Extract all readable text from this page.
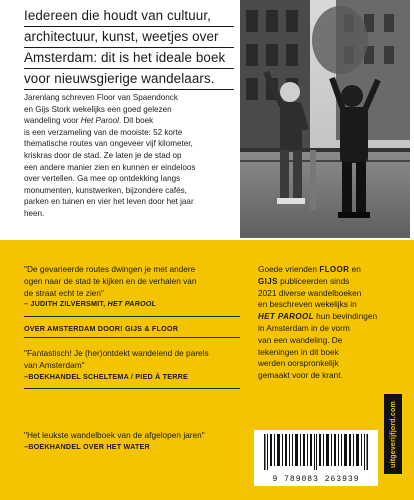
Iedereen die houdt van cultuur,
architectuur, kunst, weetjes over
Amsterdam: dit is het ideale boek
voor nieuwsgierige wandelaars.
Jarenlang schreven Floor van Spaendonck
en Gijs Stork wekelijks een goed gelezen
wandeling voor Het Parool. Dit boek
is een verzameling van de mooiste: 52 korte
thematische routes van ongeveer vijf kilometer,
kriskras door de stad. Ze laten je de stad op
een andere manier zien en kunnen er eindeloos
over vertellen. Ga mee op ontdekking langs
monumenten, kunstwerken, bijzondere cafés,
parken en tuinen en vier het leven door het jaar
heen.
"De gevarieerde routes dwingen je met andere
ogen naar de stad te kijken en de verhalen van
de straat echt te zien"
– JUDITH ZILVERSMIT, HET PAROOL
OVER AMSTERDAM DOOR! GIJS & FLOOR
"Fantastisch! Je (her)ontdekt wandelend de parels
van Amsterdam"
–BOEKHANDEL SCHELTEMA / PIED À TERRE
"Het leukste wandelboek van de afgelopen jaren"
–BOEKHANDEL OVER HET WATER
Goede vrienden FLOOR en
GIJS publiceerden sinds
2021 diverse wandelboeken
en beschreven wekelijks in
HET PAROOL hun bevindingen
in Amsterdam in de vorm
van een wandeling. De
tekeningen in dit boek
werden oorspronkelijk
gemaakt voor de krant.
uitgeverijfjord.com
9 789083 263939
